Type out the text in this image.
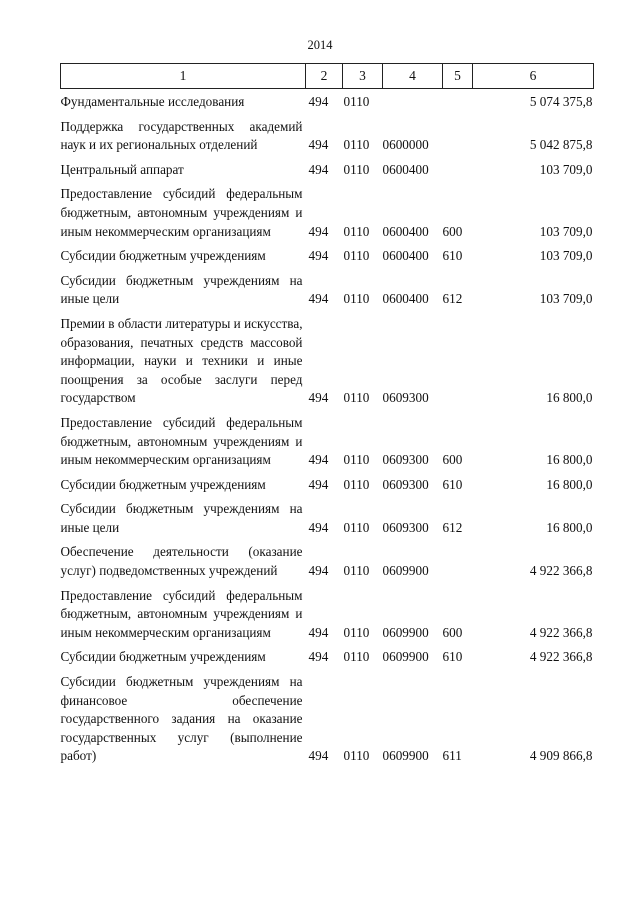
2014
1	2	3	4	5	6
Фундаментальные исследования	494	0110			5 074 375,8
Поддержка государственных академий наук и их региональных отделений	494	0110	0600000		5 042 875,8
Центральный аппарат	494	0110	0600400		103 709,0
Предоставление субсидий федеральным бюджетным, автономным учреждениям и иным некоммерческим организациям	494	0110	0600400	600	103 709,0
Субсидии бюджетным учреждениям	494	0110	0600400	610	103 709,0
Субсидии бюджетным учреждениям на иные цели	494	0110	0600400	612	103 709,0
Премии в области литературы и искусства, образования, печатных средств массовой информации, науки и техники и иные поощрения за особые заслуги перед государством	494	0110	0609300		16 800,0
Предоставление субсидий федеральным бюджетным, автономным учреждениям и иным некоммерческим организациям	494	0110	0609300	600	16 800,0
Субсидии бюджетным учреждениям	494	0110	0609300	610	16 800,0
Субсидии бюджетным учреждениям на иные цели	494	0110	0609300	612	16 800,0
Обеспечение деятельности (оказание услуг) подведомственных учреждений	494	0110	0609900		4 922 366,8
Предоставление субсидий федеральным бюджетным, автономным учреждениям и иным некоммерческим организациям	494	0110	0609900	600	4 922 366,8
Субсидии бюджетным учреждениям	494	0110	0609900	610	4 922 366,8
Субсидии бюджетным учреждениям на финансовое обеспечение государственного задания на оказание государственных услуг (выполнение работ)	494	0110	0609900	611	4 909 866,8
